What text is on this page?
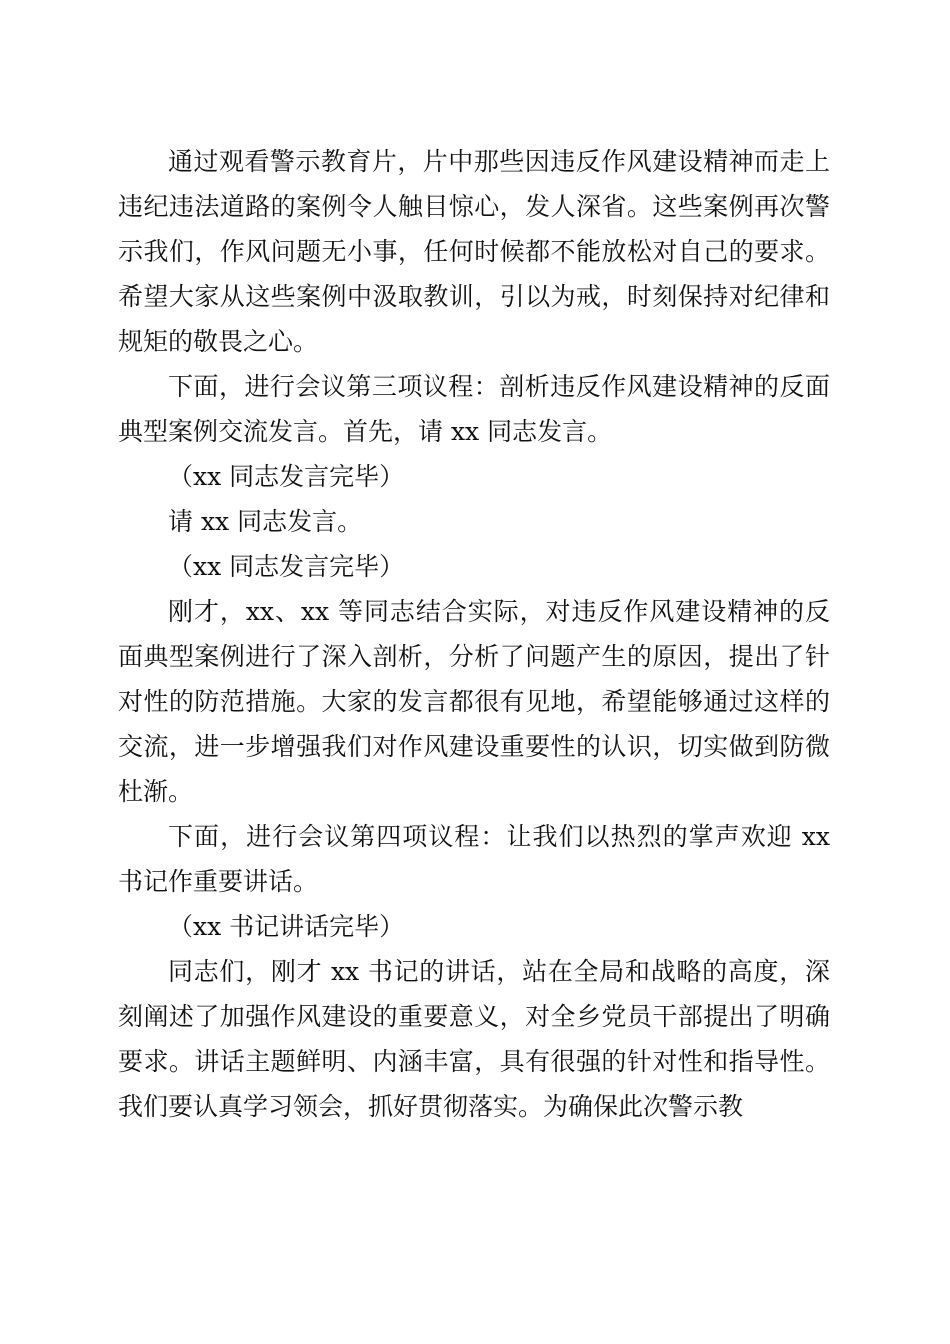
通过观看警示教育片，片中那些因违反作风建设精神而走上违纪违法道路的案例令人触目惊心，发人深省。这些案例再次警示我们，作风问题无小事，任何时候都不能放松对自己的要求。希望大家从这些案例中汲取教训，引以为戒，时刻保持对纪律和规矩的敬畏之心。

下面，进行会议第三项议程：剖析违反作风建设精神的反面典型案例交流发言。首先，请 xx 同志发言。

（xx 同志发言完毕）

请 xx 同志发言。

（xx 同志发言完毕）

刚才，xx、xx 等同志结合实际，对违反作风建设精神的反面典型案例进行了深入剖析，分析了问题产生的原因，提出了针对性的防范措施。大家的发言都很有见地，希望能够通过这样的交流，进一步增强我们对作风建设重要性的认识，切实做到防微杜渐。

下面，进行会议第四项议程：让我们以热烈的掌声欢迎 xx 书记作重要讲话。

（xx 书记讲话完毕）

同志们，刚才 xx 书记的讲话，站在全局和战略的高度，深刻阐述了加强作风建设的重要意义，对全乡党员干部提出了明确要求。讲话主题鲜明、内涵丰富，具有很强的针对性和指导性。我们要认真学习领会，抓好贯彻落实。为确保此次警示教
